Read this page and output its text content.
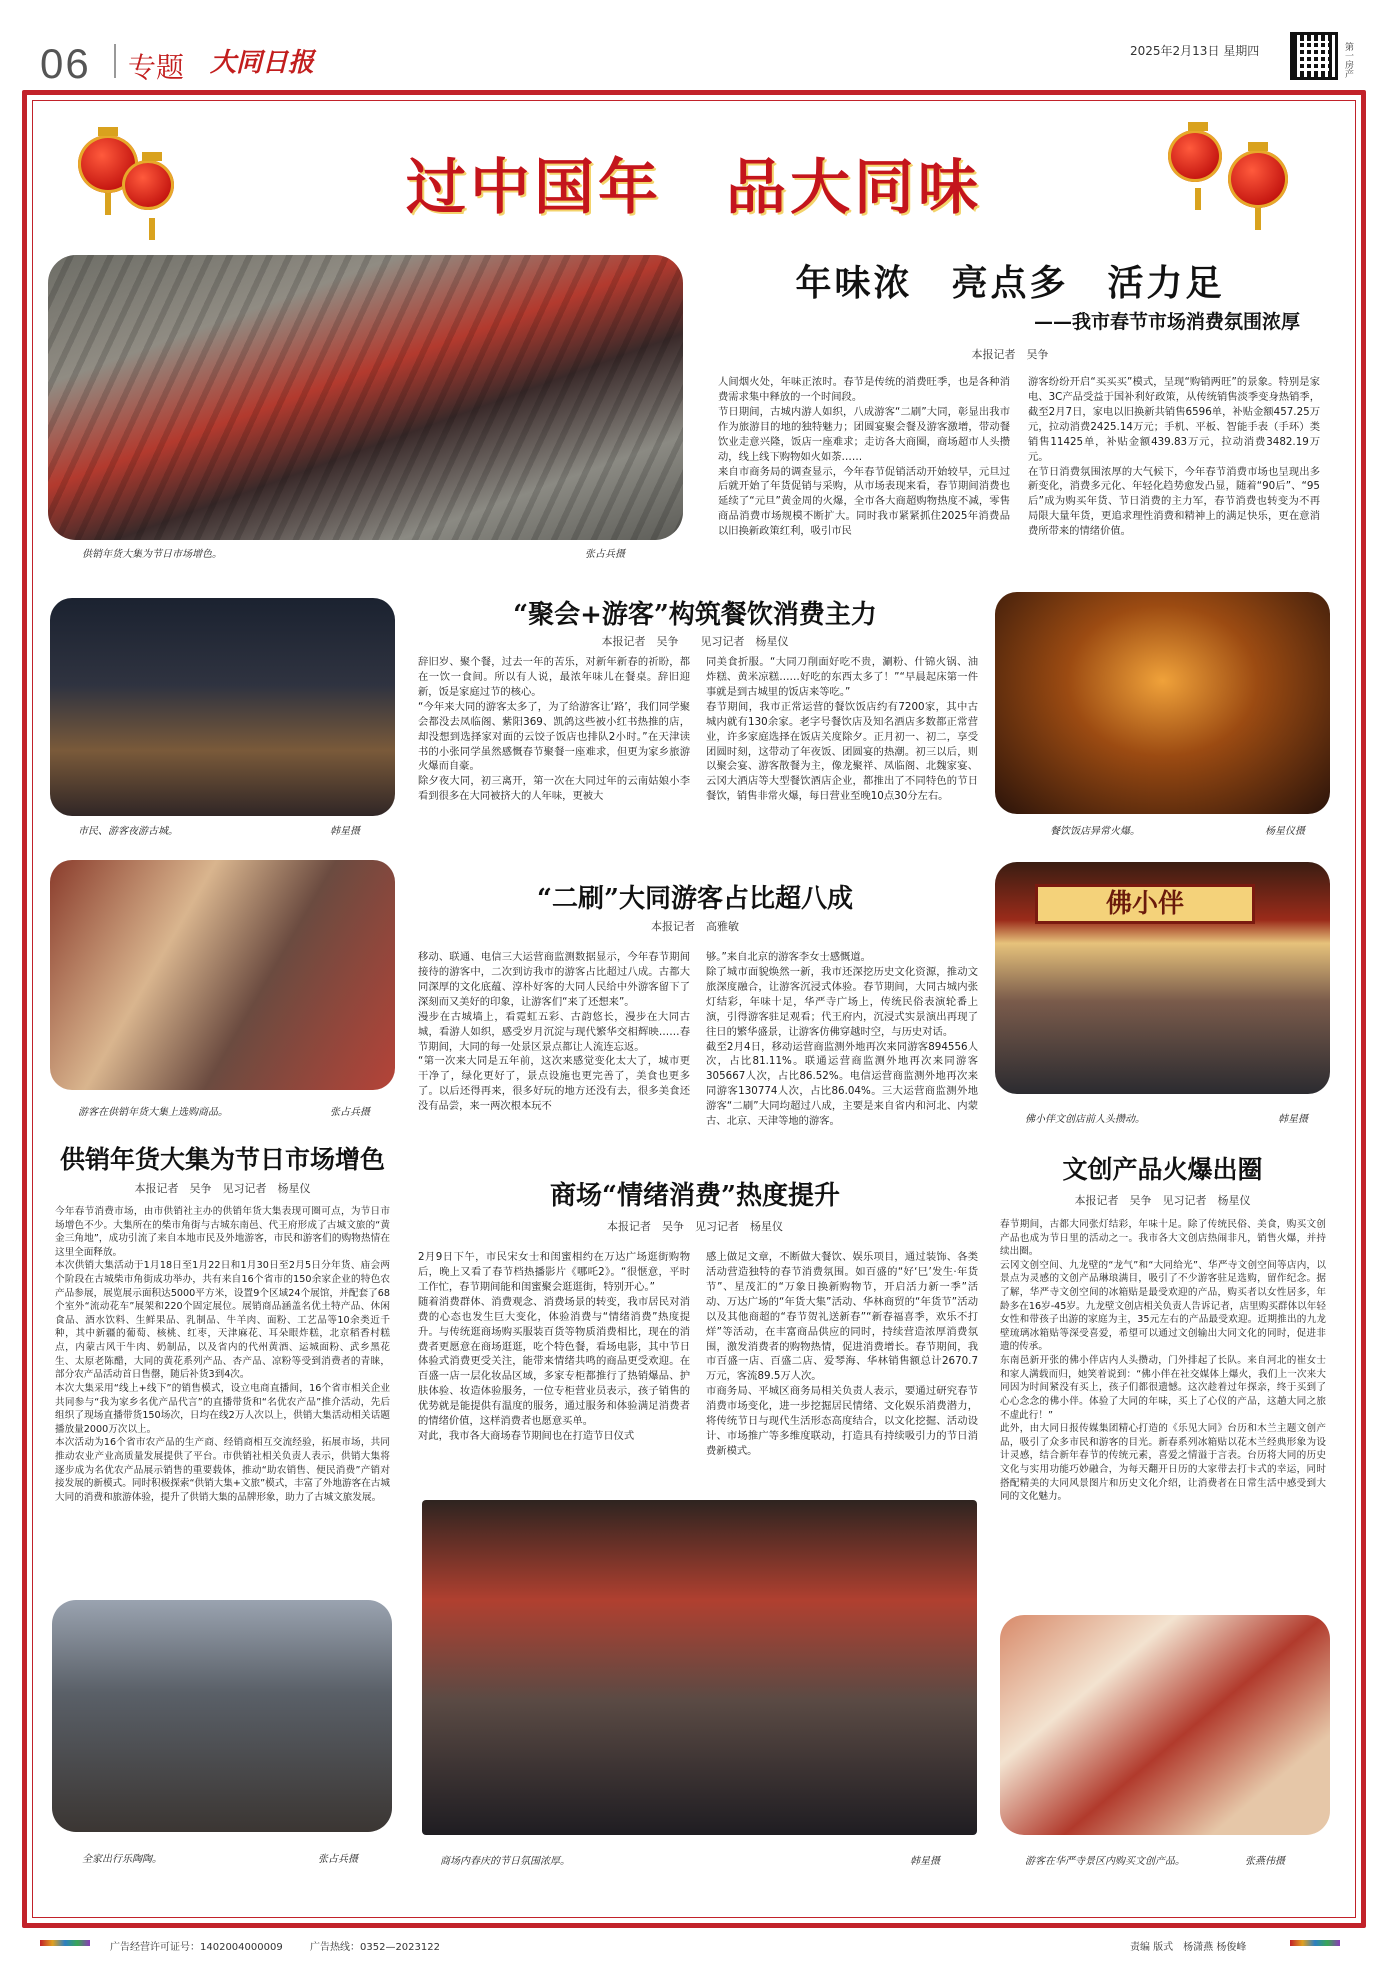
06 专题 大同日报	2025年2月13日 星期四	第一房产
过中国年　品大同味
供销年货大集为节日市场增色。	张占兵摄
年味浓　亮点多　活力足
——我市春节市场消费氛围浓厚
本报记者　吴争
人间烟火处，年味正浓时。春节是传统的消费旺季，也是各种消费需求集中释放的一个时间段。
节日期间，古城内游人如织，八成游客“二刷”大同，彰显出我市作为旅游目的地的独特魅力；团圆宴聚会餐及游客激增，带动餐饮业走意兴隆，饭店一座难求；走访各大商圈，商场超市人头攒动，线上线下购物如火如荼……
来自市商务局的调查显示，今年春节促销活动开始较早，元旦过后就开始了年货促销与采购，从市场表现来看，春节期间消费也延续了“元旦”黄金周的火爆，全市各大商超购物热度不减，零售商品消费市场规模不断扩大。同时我市紧紧抓住2025年消费品以旧换新政策红利，吸引市民
游客纷纷开启“买买买”模式，呈现“购销两旺”的景象。特别是家电、3C产品受益于国补利好政策，从传统销售淡季变身热销季，截至2月7日，家电以旧换新共销售6596单，补贴金额457.25万元，拉动消费2425.14万元；手机、平板、智能手表（手环）类销售11425单，补贴金额439.83万元，拉动消费3482.19万元。
在节日消费氛围浓厚的大气候下，今年春节消费市场也呈现出多新变化，消费多元化、年轻化趋势愈发凸显，随着“90后”、“95后”成为购买年货、节日消费的主力军，春节消费也转变为不再局限大量年货，更追求理性消费和精神上的满足快乐，更在意消费所带来的情绪价值。
市民、游客夜游古城。	韩星摄
“聚会+游客”构筑餐饮消费主力
本报记者　吴争　　见习记者　杨星仪
辞旧岁、聚个餐，过去一年的苦乐，对新年新春的祈盼，都在一饮一食间。所以有人说，最浓年味儿在餐桌。辞旧迎新，饭是家庭过节的核心。
“今年来大同的游客太多了，为了给游客让‘路’，我们同学聚会都没去凤临阁、紫阳369、凯鸽这些被小红书热推的店，却没想到选择家对面的云饺子饭店也排队2小时。”在天津读书的小张同学虽然感慨春节聚餐一座难求，但更为家乡旅游火爆而自豪。
除夕夜大同，初三离开，第一次在大同过年的云南姑娘小李看到很多在大同被挤大的人年味，更被大
同美食折服。“大同刀削面好吃不贵，涮粉、什锦火锅、油炸糕、黄米凉糕……好吃的东西太多了！”“早晨起床第一件事就是到古城里的饭店来等吃。”
春节期间，我市正常运营的餐饮饭店约有7200家，其中古城内就有130余家。老字号餐饮店及知名酒店多数都正常营业，许多家庭选择在饭店关度除夕。正月初一、初二，享受团圆时刻，这带动了年夜饭、团圆宴的热潮。初三以后，则以聚会宴、游客散餐为主，像龙聚祥、凤临阁、北魏家宴、云冈大酒店等大型餐饮酒店企业，都推出了不同特色的节日餐饮，销售非常火爆，每日营业至晚10点30分左右。
餐饮饭店异常火爆。	杨星仪摄
游客在供销年货大集上选购商品。	张占兵摄
“二刷”大同游客占比超八成
本报记者　高雅敏
移动、联通、电信三大运营商监测数据显示，今年春节期间接待的游客中，二次到访我市的游客占比超过八成。古都大同深厚的文化底蕴、淳朴好客的大同人民给中外游客留下了深刻而又美好的印象，让游客们“来了还想来”。
漫步在古城墙上，看霓虹五彩、古韵悠长，漫步在大同古城，看游人如织，感受岁月沉淀与现代繁华交相辉映……春节期间，大同的每一处景区景点都让人流连忘返。
“第一次来大同是五年前，这次来感觉变化太大了，城市更干净了，绿化更好了，景点设施也更完善了，美食也更多了。以后还得再来，很多好玩的地方还没有去，很多美食还没有品尝，来一两次根本玩不
够。”来自北京的游客李女士感慨道。
除了城市面貌焕然一新，我市还深挖历史文化资源，推动文旅深度融合，让游客沉浸式体验。春节期间，大同古城内张灯结彩，年味十足，华严寺广场上，传统民俗表演轮番上演，引得游客驻足观看；代王府内，沉浸式实景演出再现了往日的繁华盛景，让游客仿佛穿越时空，与历史对话。
截至2月4日，移动运营商监测外地再次来同游客894556人次，占比81.11%。联通运营商监测外地再次来同游客305667人次，占比86.52%。电信运营商监测外地再次来同游客130774人次，占比86.04%。三大运营商监测外地游客“二刷”大同均超过八成，主要是来自省内和河北、内蒙古、北京、天津等地的游客。
佛小伴
佛小伴文创店前人头攒动。	韩星摄
供销年货大集为节日市场增色
本报记者　吴争　见习记者　杨星仪
今年春节消费市场，由市供销社主办的供销年货大集表现可圈可点，为节日市场增色不少。大集所在的柴市角街与古城东南邑、代王府形成了古城文旅的“黄金三角地”，成功引流了来自本地市民及外地游客，市民和游客们的购物热情在这里全面释放。
本次供销大集活动于1月18日至1月22日和1月30日至2月5日分年货、庙会两个阶段在古城柴市角街成功举办，共有来自16个省市的150余家企业的特色农产品参展，展览展示面积达5000平方米，设置9个区域24个展馆，并配套了68个室外“流动花车”展架和220个固定展位。展销商品涵盖名优土特产品、休闲食品、酒水饮料、生鲜果品、乳制品、牛羊肉、面粉、工艺品等10余类近千种，其中新疆的葡萄、核桃、红枣，天津麻花、耳朵眼炸糕，北京稻香村糕点，内蒙古风干牛肉、奶制品，以及省内的代州黄酒、运城面粉、武乡黑花生、太原老陈醋，大同的黄花系列产品、杏产品、凉粉等受到消费者的青睐，部分农产品活动首日售罄，随后补货3到4次。
本次大集采用“线上+线下”的销售模式，设立电商直播间，16个省市相关企业共同参与“我为家乡名优产品代言”的直播带货和“名优农产品”推介活动，先后组织了现场直播带货150场次，日均在线2万人次以上，供销大集活动相关话题播放量2000万次以上。
本次活动为16个省市农产品的生产商、经销商相互交流经验，拓展市场，共同推动农业产业高质量发展提供了平台。市供销社相关负责人表示，供销大集将逐步成为名优农产品展示销售的重要载体，推动“助农销售、便民消费”产销对接发展的新模式。同时积极探索“供销大集+文旅”模式，丰富了外地游客在古城大同的消费和旅游体验，提升了供销大集的品牌形象，助力了古城文旅发展。
全家出行乐陶陶。	张占兵摄
商场“情绪消费”热度提升
本报记者　吴争　见习记者　杨星仪
2月9日下午，市民宋女士和闺蜜相约在万达广场逛街购物后，晚上又看了春节档热播影片《哪吒2》。“很惬意，平时工作忙，春节期间能和闺蜜聚会逛逛街，特别开心。”
随着消费群体、消费观念、消费场景的转变，我市居民对消费的心态也发生巨大变化，体验消费与“情绪消费”热度提升。与传统逛商场购买服装百货等物质消费相比，现在的消费者更愿意在商场逛逛，吃个特色餐，看场电影，其中节日体验式消费更受关注，能带来情绪共鸣的商品更受欢迎。在百盛一店一层化妆品区域，多家专柜都推行了热销爆品、护肤体验、妆造体验服务，一位专柜营业员表示，孩子销售的优势就是能提供有温度的服务，通过服务和体验满足消费者的情绪价值，这样消费者也愿意买单。
对此，我市各大商场春节期间也在打造节日仪式
感上做足文章，不断做大餐饮、娱乐项目，通过装饰、各类活动营造独特的春节消费氛围。如百盛的“好‘巳’发生·年货节”、星茂汇的“万象日换新购物节，开启活力新一季”活动、万达广场的“年货大集”活动、华林商贸的“年货节”活动以及其他商超的“春节贺礼送新春”“新春福喜季，欢乐不打烊”等活动，在丰富商品供应的同时，持续营造浓厚消费氛围，激发消费者的购物热情，促进消费增长。春节期间，我市百盛一店、百盛二店、爱琴海、华林销售额总计2670.7万元，客流89.5万人次。
市商务局、平城区商务局相关负责人表示，要通过研究春节消费市场变化，进一步挖掘居民情绪、文化娱乐消费潜力，将传统节日与现代生活形态高度结合，以文化挖掘、活动设计、市场推广等多维度联动，打造具有持续吸引力的节日消费新模式。
商场内春庆的节日氛围浓厚。	韩星摄
文创产品火爆出圈
本报记者　吴争　见习记者　杨星仪
春节期间，古都大同张灯结彩，年味十足。除了传统民俗、美食，购买文创产品也成为节日里的活动之一。我市各大文创店热闹非凡，销售火爆，并持续出圈。
云冈文创空间、九龙壁的“龙气”和“大同给光”、华严寺文创空间等店内，以景点为灵感的文创产品琳琅满目，吸引了不少游客驻足选购，留作纪念。据了解，华严寺文创空间的冰箱贴是最受欢迎的产品，购买者以女性居多，年龄多在16岁-45岁。九龙壁文创店相关负责人告诉记者，店里购买群体以年轻女性和带孩子出游的家庭为主，35元左右的产品最受欢迎。近期推出的九龙壁琉璃冰箱贴等深受喜爱，希望可以通过文创输出大同文化的同时，促进非遗的传承。
东南邑新开张的佛小伴店内人头攒动，门外排起了长队。来自河北的崔女士和家人满载而归，她笑着说到：“佛小伴在社交媒体上爆火，我们上一次来大同因为时间紧没有买上，孩子们都很遗憾。这次趁着过年探亲，终于买到了心心念念的佛小伴。体验了大同的年味，买上了心仪的产品，这趟大同之旅不虚此行！”
此外，由大同日报传媒集团精心打造的《乐见大同》台历和木兰主题文创产品，吸引了众多市民和游客的目光。新春系列冰箱贴以花木兰经典形象为设计灵感，结合新年春节的传统元素，喜爱之情溢于言表。台历将大同的历史文化与实用功能巧妙融合，为每天翻开日历的大家带去打卡式的幸运，同时搭配精美的大同风景图片和历史文化介绍，让消费者在日常生活中感受到大同的文化魅力。
游客在华严寺景区内购买文创产品。	张燕伟摄
广告经营许可证号：1402004000009	广告热线：0352—2023122	责编 版式　杨潇燕 杨俊峰
